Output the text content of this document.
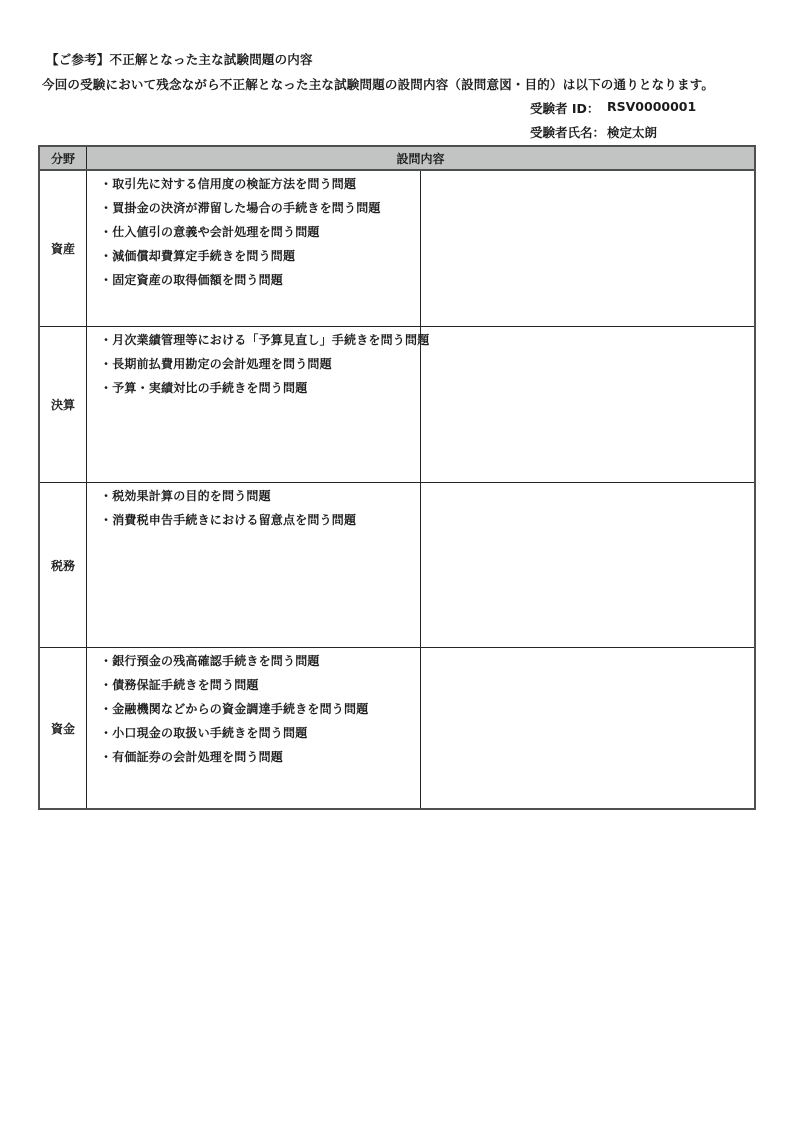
【ご参考】不正解となった主な試験問題の内容
今回の受験において残念ながら不正解となった主な試験問題の設問内容（設問意図・目的）は以下の通りとなります。
受験者 ID： RSV0000001
受験者氏名： 検定太朗
分野	設問内容
資産
・取引先に対する信用度の検証方法を問う問題
・買掛金の決済が滞留した場合の手続きを問う問題
・仕入値引の意義や会計処理を問う問題
・減価償却費算定手続きを問う問題
・固定資産の取得価額を問う問題
決算
・月次業績管理等における「予算見直し」手続きを問う問題
・長期前払費用勘定の会計処理を問う問題
・予算・実績対比の手続きを問う問題
税務
・税効果計算の目的を問う問題
・消費税申告手続きにおける留意点を問う問題
資金
・銀行預金の残高確認手続きを問う問題
・債務保証手続きを問う問題
・金融機関などからの資金調達手続きを問う問題
・小口現金の取扱い手続きを問う問題
・有価証券の会計処理を問う問題
